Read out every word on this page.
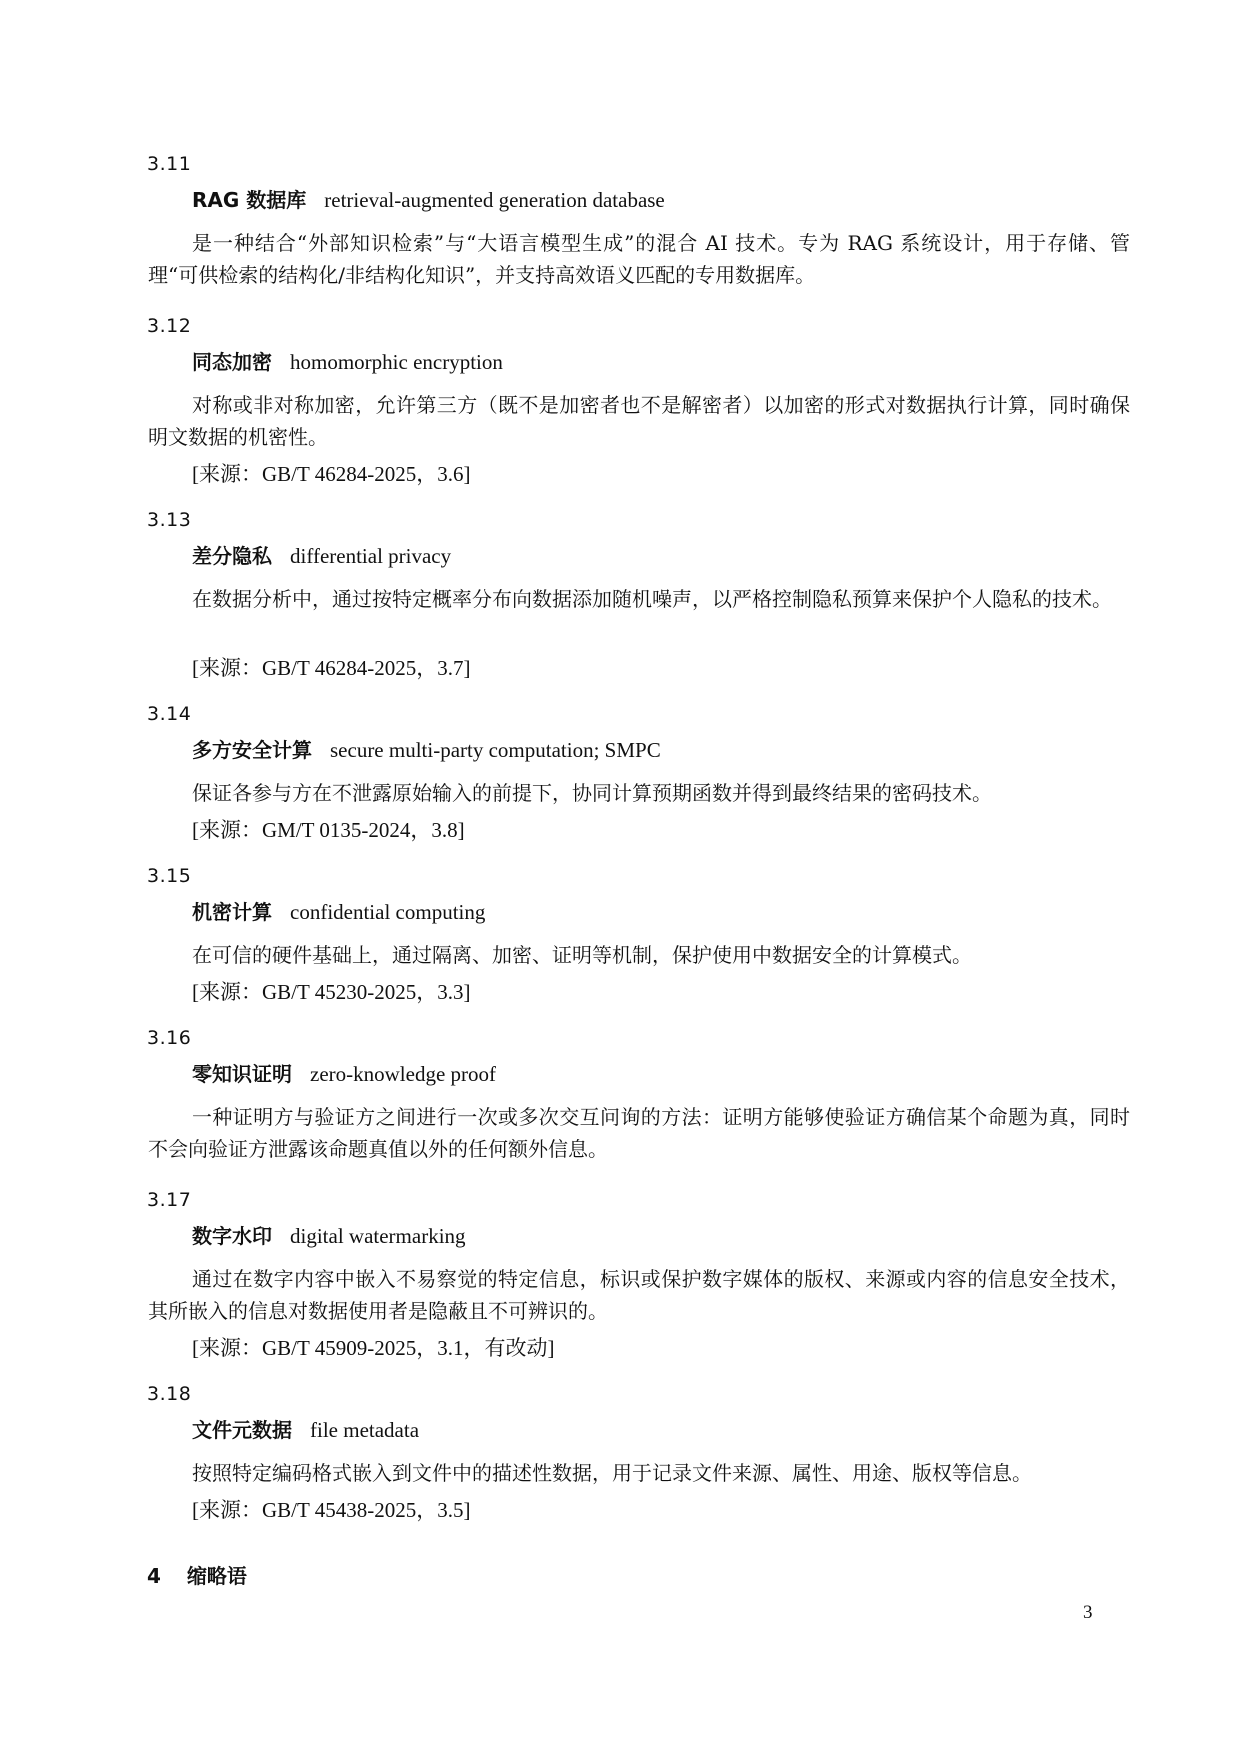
3.11
RAG 数据库 retrieval-augmented generation database
是一种结合“外部知识检索”与“大语言模型生成”的混合 AI 技术。专为 RAG 系统设计，用于存储、管理“可供检索的结构化/非结构化知识”，并支持高效语义匹配的专用数据库。
3.12
同态加密 homomorphic encryption
对称或非对称加密，允许第三方（既不是加密者也不是解密者）以加密的形式对数据执行计算，同时确保明文数据的机密性。
[来源：GB/T 46284-2025，3.6]
3.13
差分隐私 differential privacy
在数据分析中，通过按特定概率分布向数据添加随机噪声，以严格控制隐私预算来保护个人隐私的技术。
[来源：GB/T 46284-2025，3.7]
3.14
多方安全计算 secure multi-party computation; SMPC
保证各参与方在不泄露原始输入的前提下，协同计算预期函数并得到最终结果的密码技术。
[来源：GM/T 0135-2024，3.8]
3.15
机密计算 confidential computing
在可信的硬件基础上，通过隔离、加密、证明等机制，保护使用中数据安全的计算模式。
[来源：GB/T 45230-2025，3.3]
3.16
零知识证明 zero-knowledge proof
一种证明方与验证方之间进行一次或多次交互问询的方法：证明方能够使验证方确信某个命题为真，同时不会向验证方泄露该命题真值以外的任何额外信息。
3.17
数字水印 digital watermarking
通过在数字内容中嵌入不易察觉的特定信息，标识或保护数字媒体的版权、来源或内容的信息安全技术，其所嵌入的信息对数据使用者是隐蔽且不可辨识的。
[来源：GB/T 45909-2025，3.1，有改动]
3.18
文件元数据 file metadata
按照特定编码格式嵌入到文件中的描述性数据，用于记录文件来源、属性、用途、版权等信息。
[来源：GB/T 45438-2025，3.5]
4 缩略语
3
